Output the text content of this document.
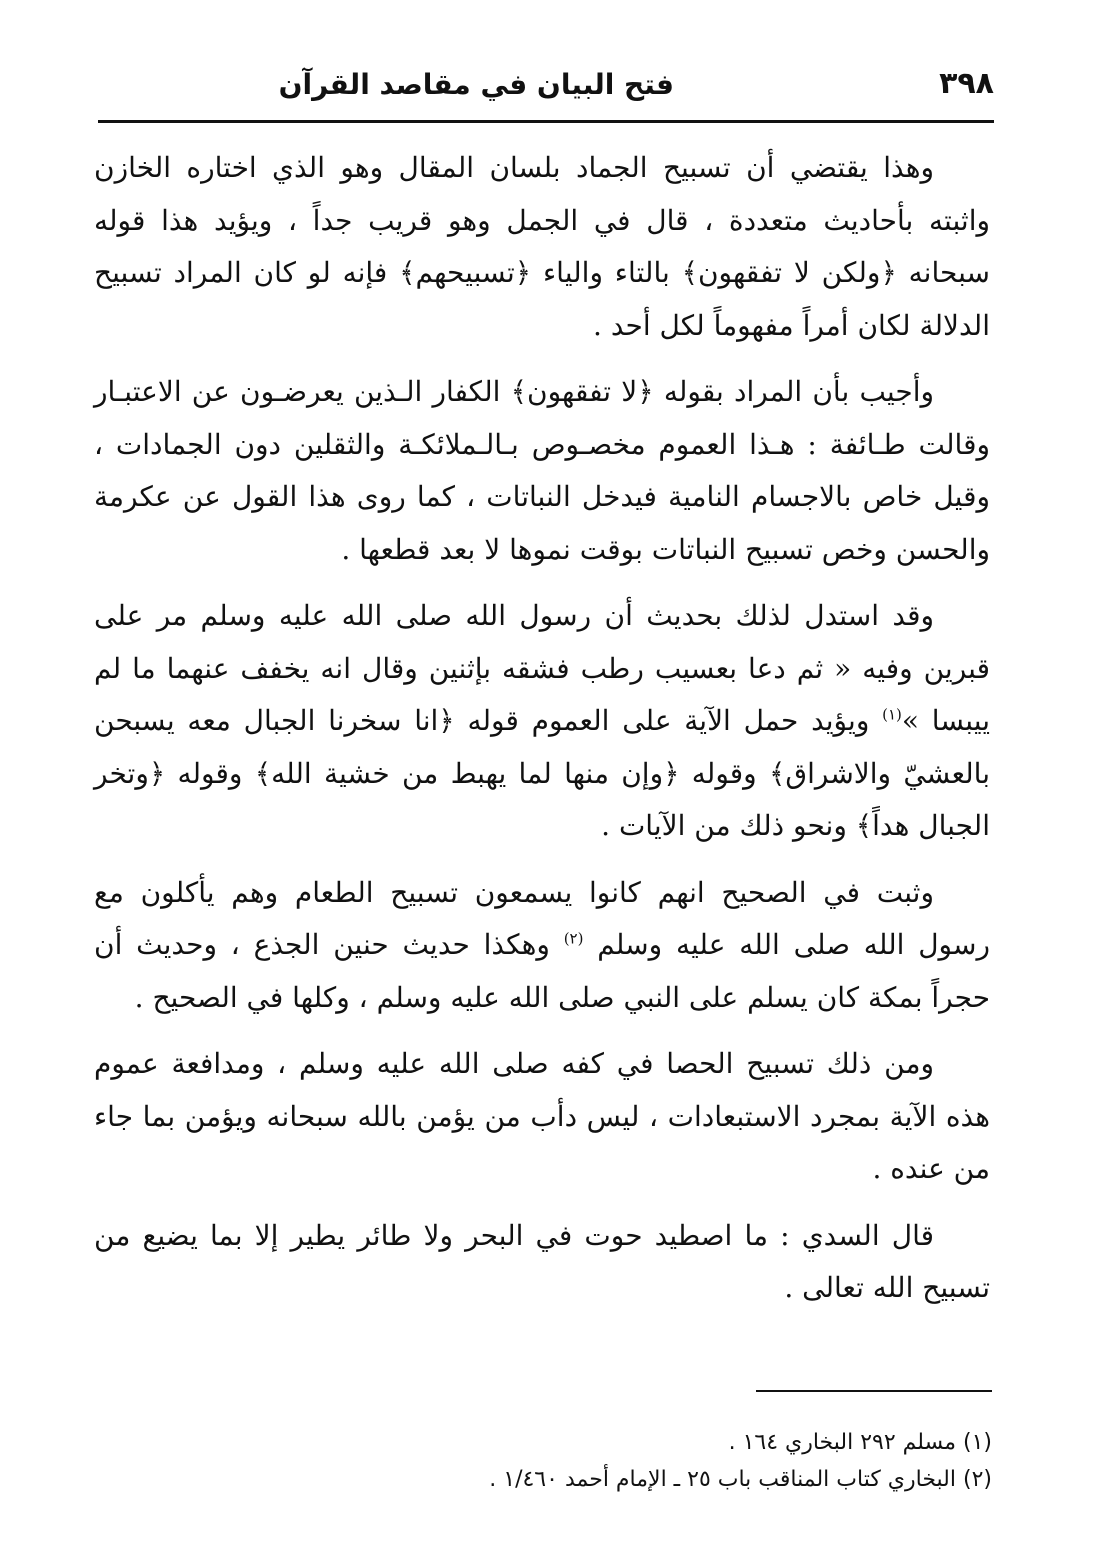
٣٩٨
فتح البيان في مقاصد القرآن

وهذا يقتضي أن تسبيح الجماد بلسان المقال وهو الذي اختاره الخازن واثبته بأحاديث متعددة ، قال في الجمل وهو قريب جداً ، ويؤيد هذا قوله سبحانه ﴿ولكن لا تفقهون﴾ بالتاء والياء ﴿تسبيحهم﴾ فإنه لو كان المراد تسبيح الدلالة لكان أمراً مفهوماً لكل أحد .

وأجيب بأن المراد بقوله ﴿لا تفقهون﴾ الكفار الـذين يعرضـون عن الاعتبـار وقالت طـائفة : هـذا العموم مخصـوص بـالـملائكـة والثقلين دون الجمادات ، وقيل خاص بالاجسام النامية فيدخل النباتات ، كما روى هذا القول عن عكرمة والحسن وخص تسبيح النباتات بوقت نموها لا بعد قطعها .

وقد استدل لذلك بحديث أن رسول الله صلى الله عليه وسلم مر على قبرين وفيه « ثم دعا بعسيب رطب فشقه بإثنين وقال انه يخفف عنهما ما لم ييبسا »$^{(١)}$ ويؤيد حمل الآية على العموم قوله ﴿انا سخرنا الجبال معه يسبحن بالعشيّ والاشراق﴾ وقوله ﴿وإن منها لما يهبط من خشية الله﴾ وقوله ﴿وتخر الجبال هداً﴾ ونحو ذلك من الآيات .

وثبت في الصحيح انهم كانوا يسمعون تسبيح الطعام وهم يأكلون مع رسول الله صلى الله عليه وسلم $^{(٢)}$ وهكذا حديث حنين الجذع ، وحديث أن حجراً بمكة كان يسلم على النبي صلى الله عليه وسلم ، وكلها في الصحيح .

ومن ذلك تسبيح الحصا في كفه صلى الله عليه وسلم ، ومدافعة عموم هذه الآية بمجرد الاستبعادات ، ليس دأب من يؤمن بالله سبحانه ويؤمن بما جاء من عنده .

قال السدي : ما اصطيد حوت في البحر ولا طائر يطير إلا بما يضيع من تسبيح الله تعالى .

(١) مسلم ٢٩٢ البخاري ١٦٤ .
(٢) البخاري كتاب المناقب باب ٢٥ ـ الإمام أحمد ١/٤٦٠ .
